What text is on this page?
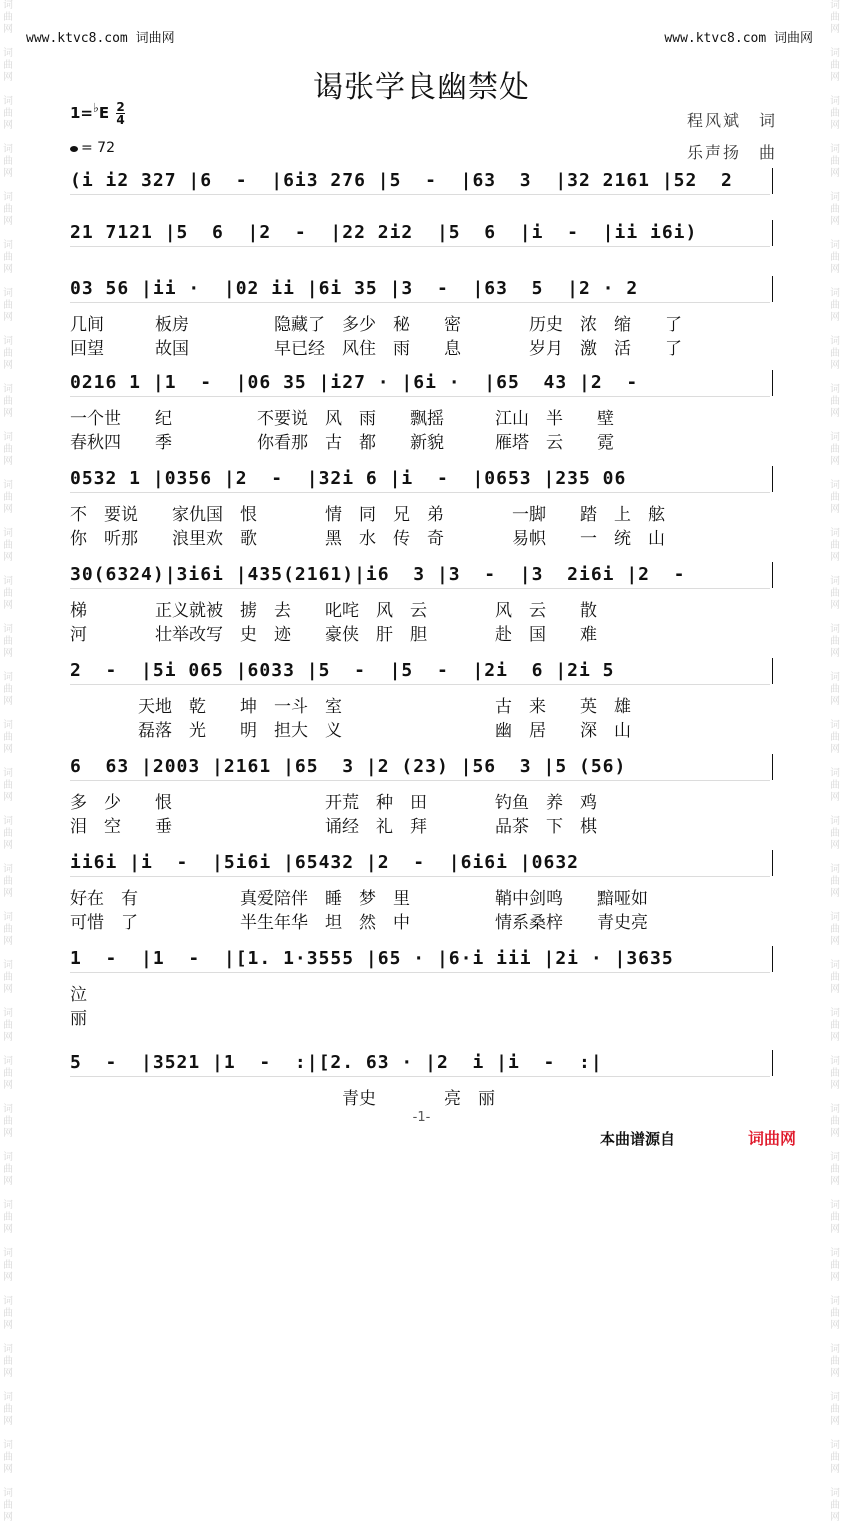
词
曲
网

词
曲
网

词
曲
网

词
曲
网

词
曲
网

词
曲
网

词
曲
网

词
曲
网

词
曲
网

词
曲
网

词
曲
网

词
曲
网

词
曲
网

词
曲
网

词
曲
网

词
曲
网

词
曲
网

词
曲
网

词
曲
网

词
曲
网

词
曲
网

词
曲
网

词
曲
网

词
曲
网

词
曲
网

词
曲
网

词
曲
网

词
曲
网

词
曲
网

词
曲
网

词
曲
网

词
曲
网

词
曲
网

词
曲
网

词
曲
网

词
曲
网

词
曲
网

词
曲
网

词
曲
网

词
曲
网

词
曲
网

词
曲
网

词
曲
网

词
曲
网

词
曲
网

词
曲
网

词
曲
网

词
曲
网

词
曲
网

词
曲
网

词
曲
网

词
曲
网

词
曲
网

词
曲
网

词
曲
网

词
曲
网

词
曲
网

词
曲
网

词
曲
网

词
曲
网

词
曲
网

词
曲
网

词
曲
网

词
曲
网

www.ktvc8.com 词曲网	www.ktvc8.com 词曲网
谒张学良幽禁处
程风斌　词
乐声扬　曲
$1=^♭E \frac{2}{4}$
= 72
(i i2 327 |6  -  |6i3 276 |5  -  |63  3  |32 2161 |52  2
21 7121 |5  6  |2  -  |22 2i2  |5  6  |i  -  |ii i6i)
03 56 |ii ·  |02 ii |6i 35 |3  -  |63  5  |2 · 2
几间　　　板房　　　　　隐藏了　多少　秘　　密　　　　历史　浓　缩　　了
回望　　　故国　　　　　早已经　风住　雨　　息　　　　岁月　激　活　　了
0216 1 |1  -  |06 35 |i27 · |6i ·  |65  43 |2  -
一个世　　纪　　　　　不要说　风　雨　　飘摇　　　江山　半　　壁
春秋四　　季　　　　　你看那　古　都　　新貌　　　雁塔　云　　霓
0532 1 |0356 |2  -  |32i 6 |i  -  |0653 |235 06
不　要说　　家仇国　恨　　　　情　同　兄　弟　　　　一脚　　踏　上　舷
你　听那　　浪里欢　歌　　　　黑　水　传　奇　　　　易帜　　一　统　山
30(6324)|3i6i |435(2161)|i6  3 |3  -  |3  2i6i |2  -
梯　　　　正义就被　掳　去　　叱咤　风　云　　　　风　云　　散
河　　　　壮举改写　史　迹　　豪侠　肝　胆　　　　赴　国　　难
2  -  |5i 065 |6033 |5  -  |5  -  |2i  6 |2i 5
　　　　天地　乾　　坤　一斗　室　　　　　　　　　古　来　　英　雄
　　　　磊落　光　　明　担大　义　　　　　　　　　幽　居　　深　山
6  63 |2003 |2161 |65  3 |2 (23) |56  3 |5 (56)
多　少　　恨　　　　　　　　　开荒　种　田　　　　钓鱼　养　鸡
泪　空　　垂　　　　　　　　　诵经　礼　拜　　　　品茶　下　棋
ii6i |i  -  |5i6i |65432 |2  -  |6i6i |0632
好在　有　　　　　　真爱陪伴　睡　梦　里　　　　　鞘中剑鸣　　黯哑如
可惜　了　　　　　　半生年华　坦　然　中　　　　　情系桑梓　　青史亮
1  -  |1  -  |[1. 1·3555 |65 · |6·i iii |2i · |3635
泣
丽
5  -  |3521 |1  -  :|[2. 63 · |2  i |i  -  :|
　　　　　　　　　　　　　　　　青史　　　　亮　丽
-1-
本曲谱源自	词曲网
